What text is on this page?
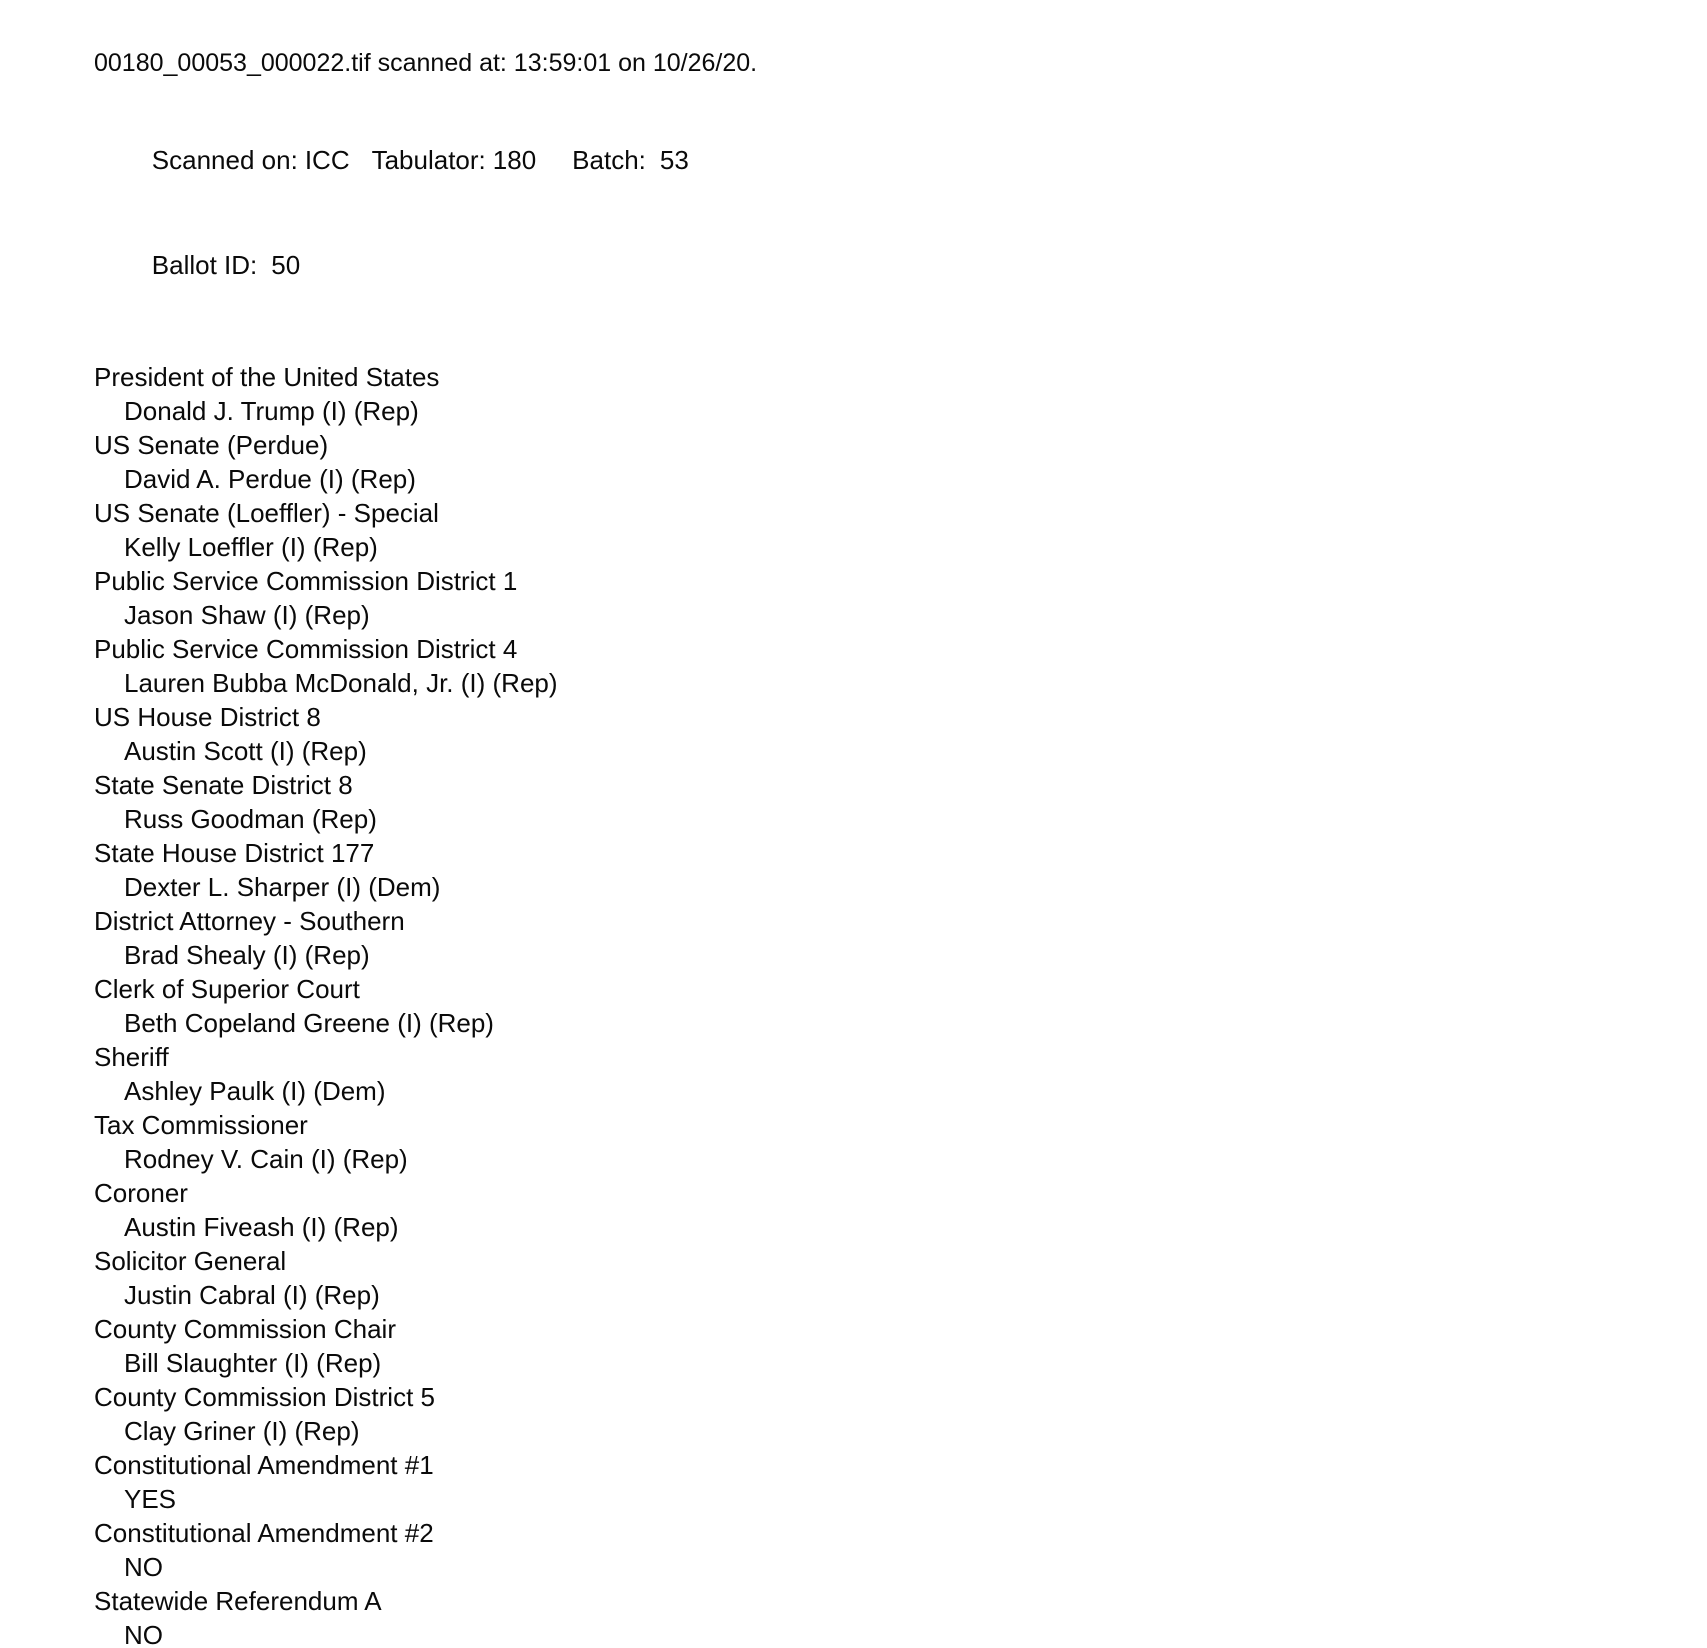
00180_00053_000022.tif scanned at: 13:59:01 on 10/26/20.

Scanned on: ICC Tabulator: 180 Batch: 53

Ballot ID: 50

President of the United States
Donald J. Trump (I) (Rep)
US Senate (Perdue)
David A. Perdue (I) (Rep)
US Senate (Loeffler) - Special
Kelly Loeffler (I) (Rep)
Public Service Commission District 1
Jason Shaw (I) (Rep)
Public Service Commission District 4
Lauren Bubba McDonald, Jr. (I) (Rep)
US House District 8
Austin Scott (I) (Rep)
State Senate District 8
Russ Goodman (Rep)
State House District 177
Dexter L. Sharper (I) (Dem)
District Attorney - Southern
Brad Shealy (I) (Rep)
Clerk of Superior Court
Beth Copeland Greene (I) (Rep)
Sheriff
Ashley Paulk (I) (Dem)
Tax Commissioner
Rodney V. Cain (I) (Rep)
Coroner
Austin Fiveash (I) (Rep)
Solicitor General
Justin Cabral (I) (Rep)
County Commission Chair
Bill Slaughter (I) (Rep)
County Commission District 5
Clay Griner (I) (Rep)
Constitutional Amendment #1
YES
Constitutional Amendment #2
NO
Statewide Referendum A
NO
